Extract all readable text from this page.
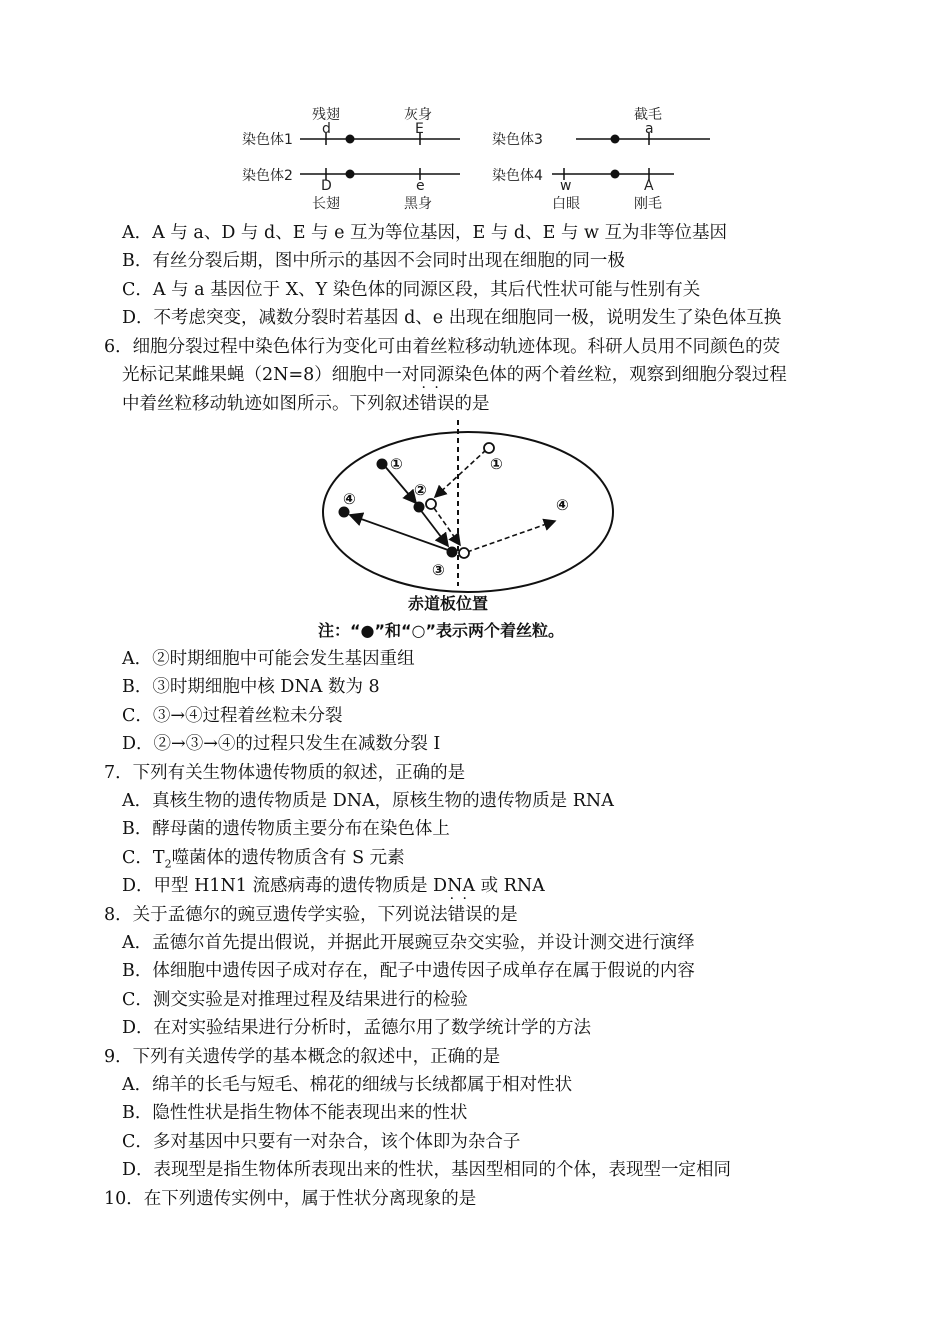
染色体1
染色体2
染色体3
染色体4
残翅
d
灰身
E
D
长翅
e
黑身
截毛
a
w
白眼
A
刚毛
A．A 与 a、D 与 d、E 与 e 互为等位基因，E 与 d、E 与 w 互为非等位基因
B．有丝分裂后期，图中所示的基因不会同时出现在细胞的同一极
C．A 与 a 基因位于 X、Y 染色体的同源区段，其后代性状可能与性别有关
D．不考虑突变，减数分裂时若基因 d、e 出现在细胞同一极，说明发生了染色体互换
6．细胞分裂过程中染色体行为变化可由着丝粒移动轨迹体现。科研人员用不同颜色的荧
光标记某雌果蝇（2N=8）细胞中一对同源染色体的两个着丝粒，观察到细胞分裂过程
中着丝粒移动轨迹如图所示。下列叙述· · 错误的是
①
②
③
④
①
④
赤道板位置
注：“●”和“○”表示两个着丝粒。
A．②时期细胞中可能会发生基因重组
B．③时期细胞中核 DNA 数为 8
C．③→④过程着丝粒未分裂
D．②→③→④的过程只发生在减数分裂 I
7．下列有关生物体遗传物质的叙述，正确的是
A．真核生物的遗传物质是 DNA，原核生物的遗传物质是 RNA
B．酵母菌的遗传物质主要分布在染色体上
C．$T_2$噬菌体的遗传物质含有 S 元素
D．甲型 H1N1 流感病毒的遗传物质是 DNA 或 RNA
8．关于孟德尔的豌豆遗传学实验，下列说法· · 错误的是
A．孟德尔首先提出假说，并据此开展豌豆杂交实验，并设计测交进行演绎
B．体细胞中遗传因子成对存在，配子中遗传因子成单存在属于假说的内容
C．测交实验是对推理过程及结果进行的检验
D．在对实验结果进行分析时，孟德尔用了数学统计学的方法
9．下列有关遗传学的基本概念的叙述中，正确的是
A．绵羊的长毛与短毛、棉花的细绒与长绒都属于相对性状
B．隐性性状是指生物体不能表现出来的性状
C．多对基因中只要有一对杂合，该个体即为杂合子
D．表现型是指生物体所表现出来的性状，基因型相同的个体，表现型一定相同
10．在下列遗传实例中，属于性状分离现象的是
